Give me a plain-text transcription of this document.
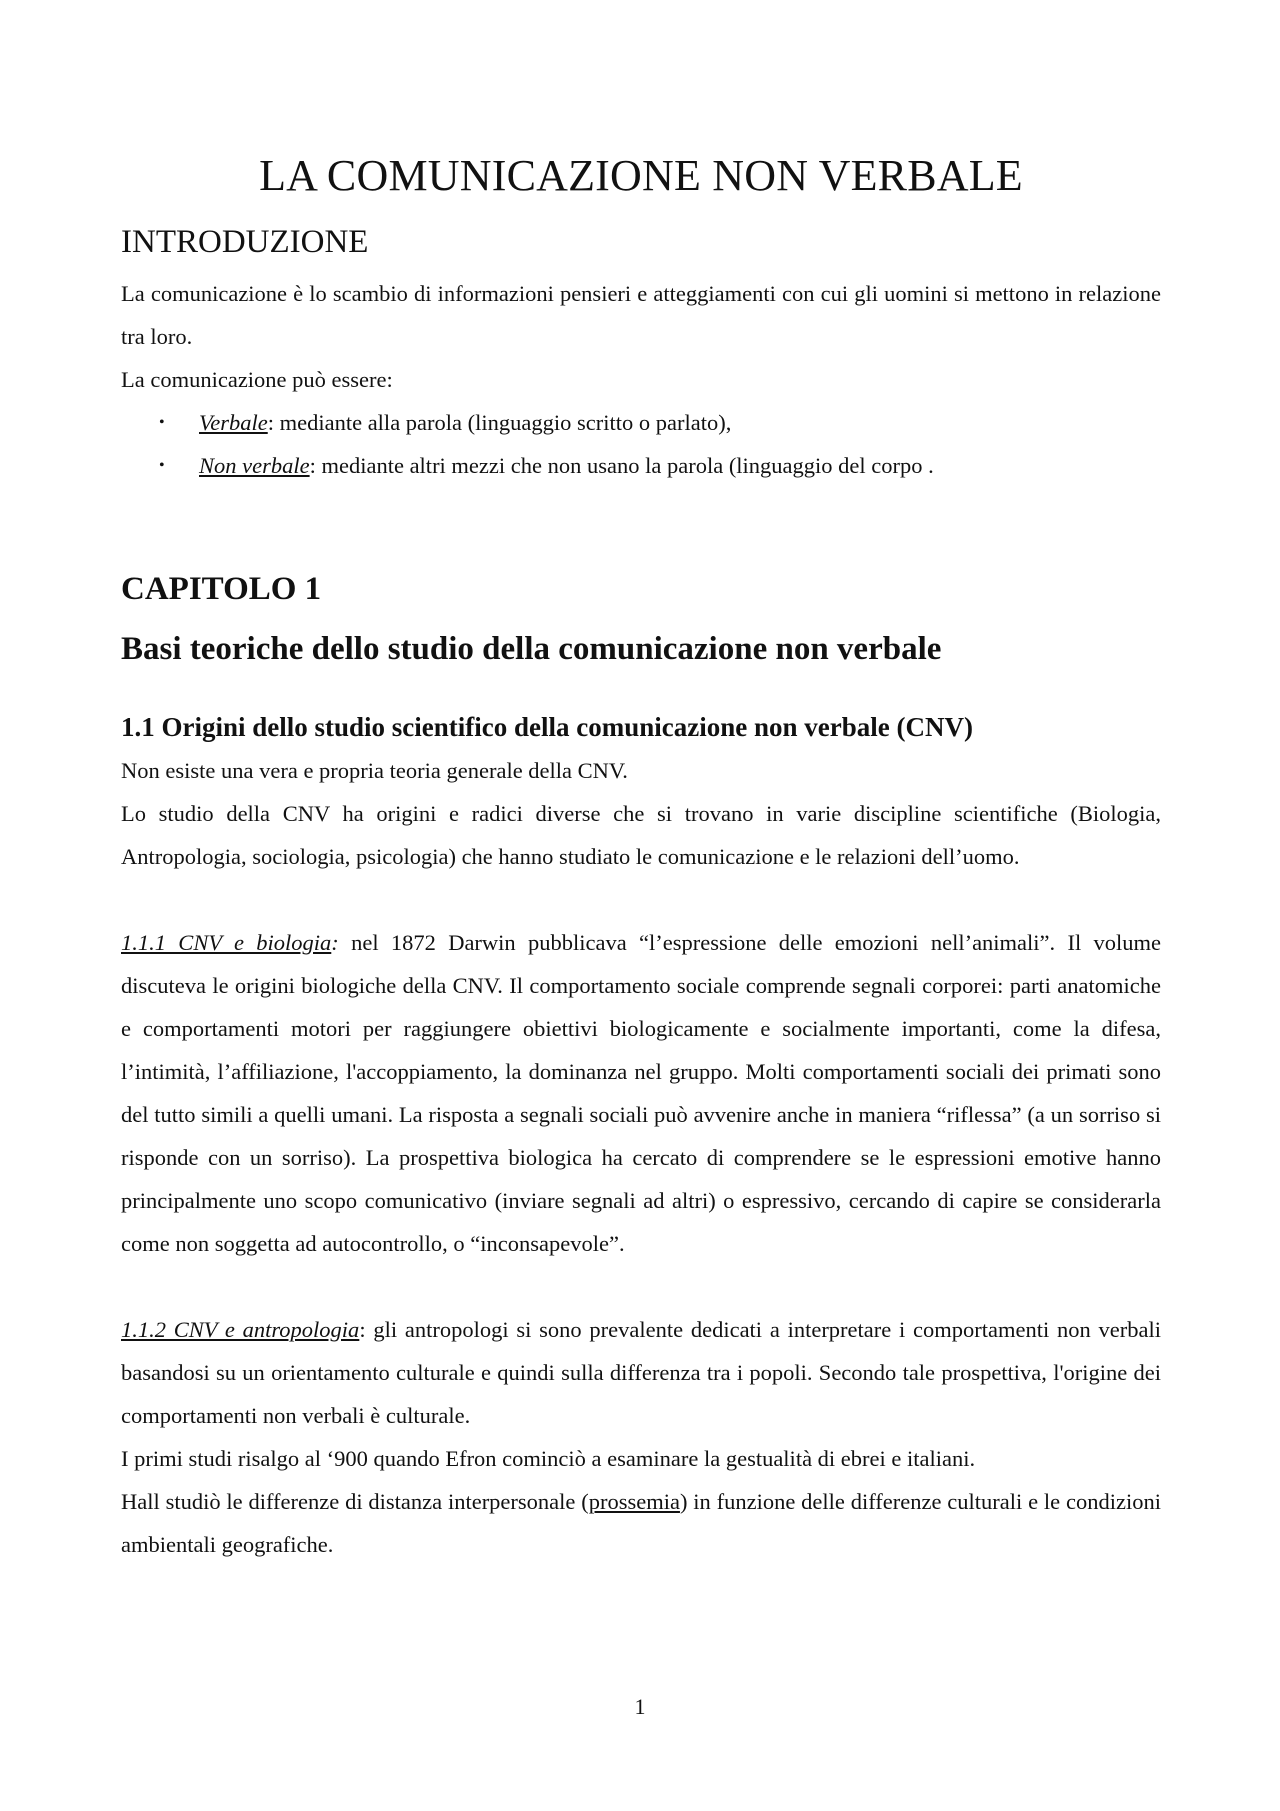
LA COMUNICAZIONE NON VERBALE
INTRODUZIONE

La comunicazione è lo scambio di informazioni pensieri e atteggiamenti con cui gli uomini si mettono in relazione tra loro.

La comunicazione può essere:

• Verbale: mediante alla parola (linguaggio scritto o parlato),
• Non verbale: mediante altri mezzi che non usano la parola (linguaggio del corpo .
CAPITOLO 1
Basi teoriche dello studio della comunicazione non verbale
1.1 Origini dello studio scientifico della comunicazione non verbale (CNV)

Non esiste una vera e propria teoria generale della CNV.

Lo studio della CNV ha origini e radici diverse che si trovano in varie discipline scientifiche (Biologia, Antropologia, sociologia, psicologia) che hanno studiato le comunicazione e le relazioni dell’uomo.

1.1.1 CNV e biologia: nel 1872 Darwin pubblicava “l’espressione delle emozioni nell’animali”. Il volume discuteva le origini biologiche della CNV. Il comportamento sociale comprende segnali corporei: parti anatomiche e comportamenti motori per raggiungere obiettivi biologicamente e socialmente importanti, come la difesa, l’intimità, l’affiliazione, l'accoppiamento, la dominanza nel gruppo. Molti comportamenti sociali dei primati sono del tutto simili a quelli umani. La risposta a segnali sociali può avvenire anche in maniera “riflessa” (a un sorriso si risponde con un sorriso). La prospettiva biologica ha cercato di comprendere se le espressioni emotive hanno principalmente uno scopo comunicativo (inviare segnali ad altri) o espressivo, cercando di capire se considerarla come non soggetta ad autocontrollo, o “inconsapevole”.

1.1.2 CNV e antropologia: gli antropologi si sono prevalente dedicati a interpretare i comportamenti non verbali basandosi su un orientamento culturale e quindi sulla differenza tra i popoli. Secondo tale prospettiva, l'origine dei comportamenti non verbali è culturale.

I primi studi risalgo al ‘900 quando Efron cominciò a esaminare la gestualità di ebrei e italiani.

Hall studiò le differenze di distanza interpersonale (prossemia) in funzione delle differenze culturali e le condizioni ambientali geografiche.

1
